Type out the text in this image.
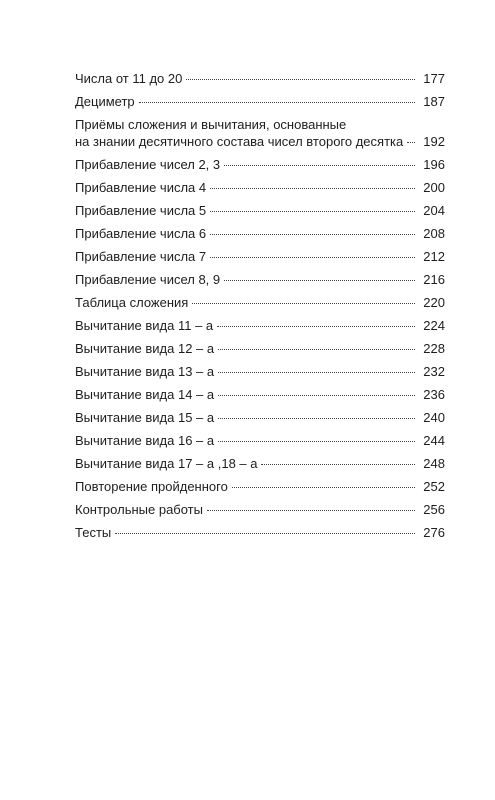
Числа от 11 до 20	177
Дециметр	187
Приёмы сложения и вычитания, основанные
на знании десятичного состава чисел второго десятка	192
Прибавление чисел 2, 3	196
Прибавление числа 4	200
Прибавление числа 5	204
Прибавление числа 6	208
Прибавление числа 7	212
Прибавление чисел 8, 9	216
Таблица сложения	220
Вычитание вида 11 – а	224
Вычитание вида 12 – а	228
Вычитание вида 13 – а	232
Вычитание вида 14 – а	236
Вычитание вида 15 – а	240
Вычитание вида 16 – а	244
Вычитание вида 17 – а ,18 – а	248
Повторение пройденного	252
Контрольные работы	256
Тесты	276
